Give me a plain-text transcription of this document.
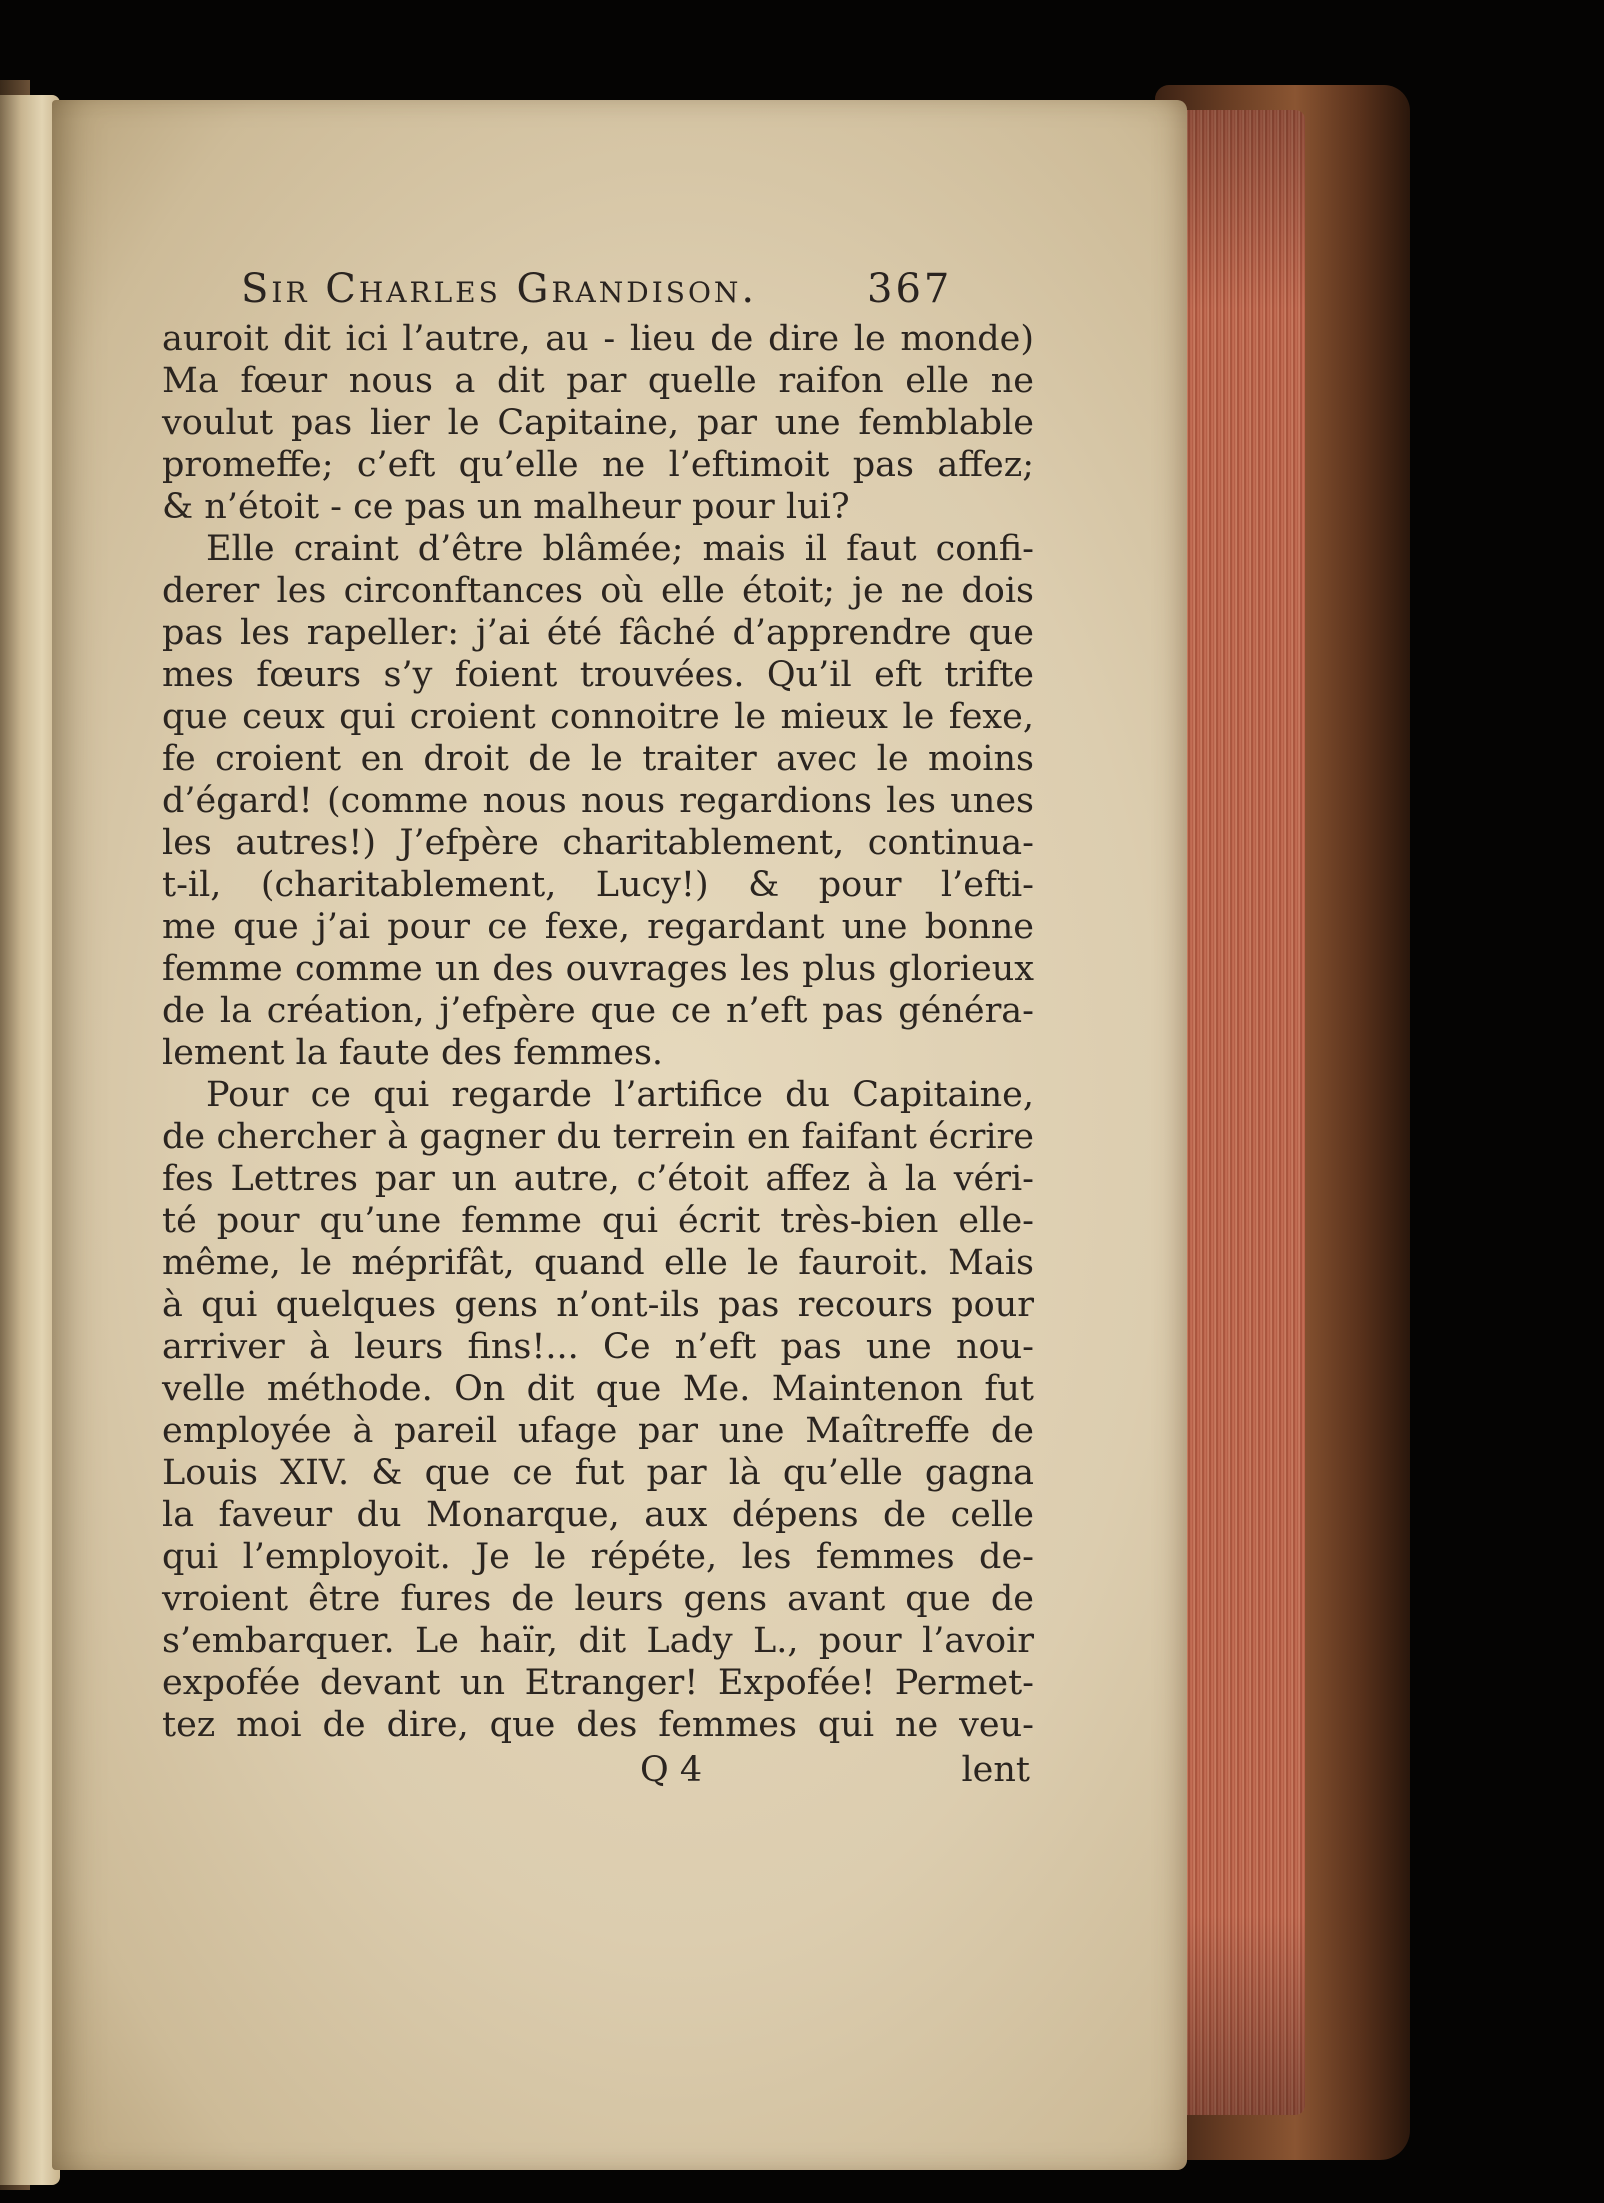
Sir Charles Grandison.	367
auroit dit ici l’autre, au - lieu de dire le monde)
Ma fœur nous a dit par quelle raifon elle ne
voulut pas lier le Capitaine, par une femblable
promeffe; c’eft qu’elle ne l’eftimoit pas affez;
& n’étoit - ce pas un malheur pour lui?
Elle craint d’être blâmée; mais il faut confi-
derer les circonftances où elle étoit; je ne dois
pas les rapeller: j’ai été fâché d’apprendre que
mes fœurs s’y foient trouvées. Qu’il eft trifte
que ceux qui croient connoitre le mieux le fexe,
fe croient en droit de le traiter avec le moins
d’égard! (comme nous nous regardions les unes
les autres!) J’efpère charitablement, continua-
t-il, (charitablement, Lucy!) & pour l’efti-
me que j’ai pour ce fexe, regardant une bonne
femme comme un des ouvrages les plus glorieux
de la création, j’efpère que ce n’eft pas généra-
lement la faute des femmes.
Pour ce qui regarde l’artifice du Capitaine,
de chercher à gagner du terrein en faifant écrire
fes Lettres par un autre, c’étoit affez à la véri-
té pour qu’une femme qui écrit très-bien elle-
même, le méprifât, quand elle le fauroit. Mais
à qui quelques gens n’ont-ils pas recours pour
arriver à leurs fins!... Ce n’eft pas une nou-
velle méthode. On dit que Me. Maintenon fut
employée à pareil ufage par une Maîtreffe de
Louis XIV. & que ce fut par là qu’elle gagna
la faveur du Monarque, aux dépens de celle
qui l’employoit. Je le répéte, les femmes de-
vroient être fures de leurs gens avant que de
s’embarquer. Le haïr, dit Lady L., pour l’avoir
expofée devant un Etranger! Expofée! Permet-
tez moi de dire, que des femmes qui ne veu-
Q 4	lent
